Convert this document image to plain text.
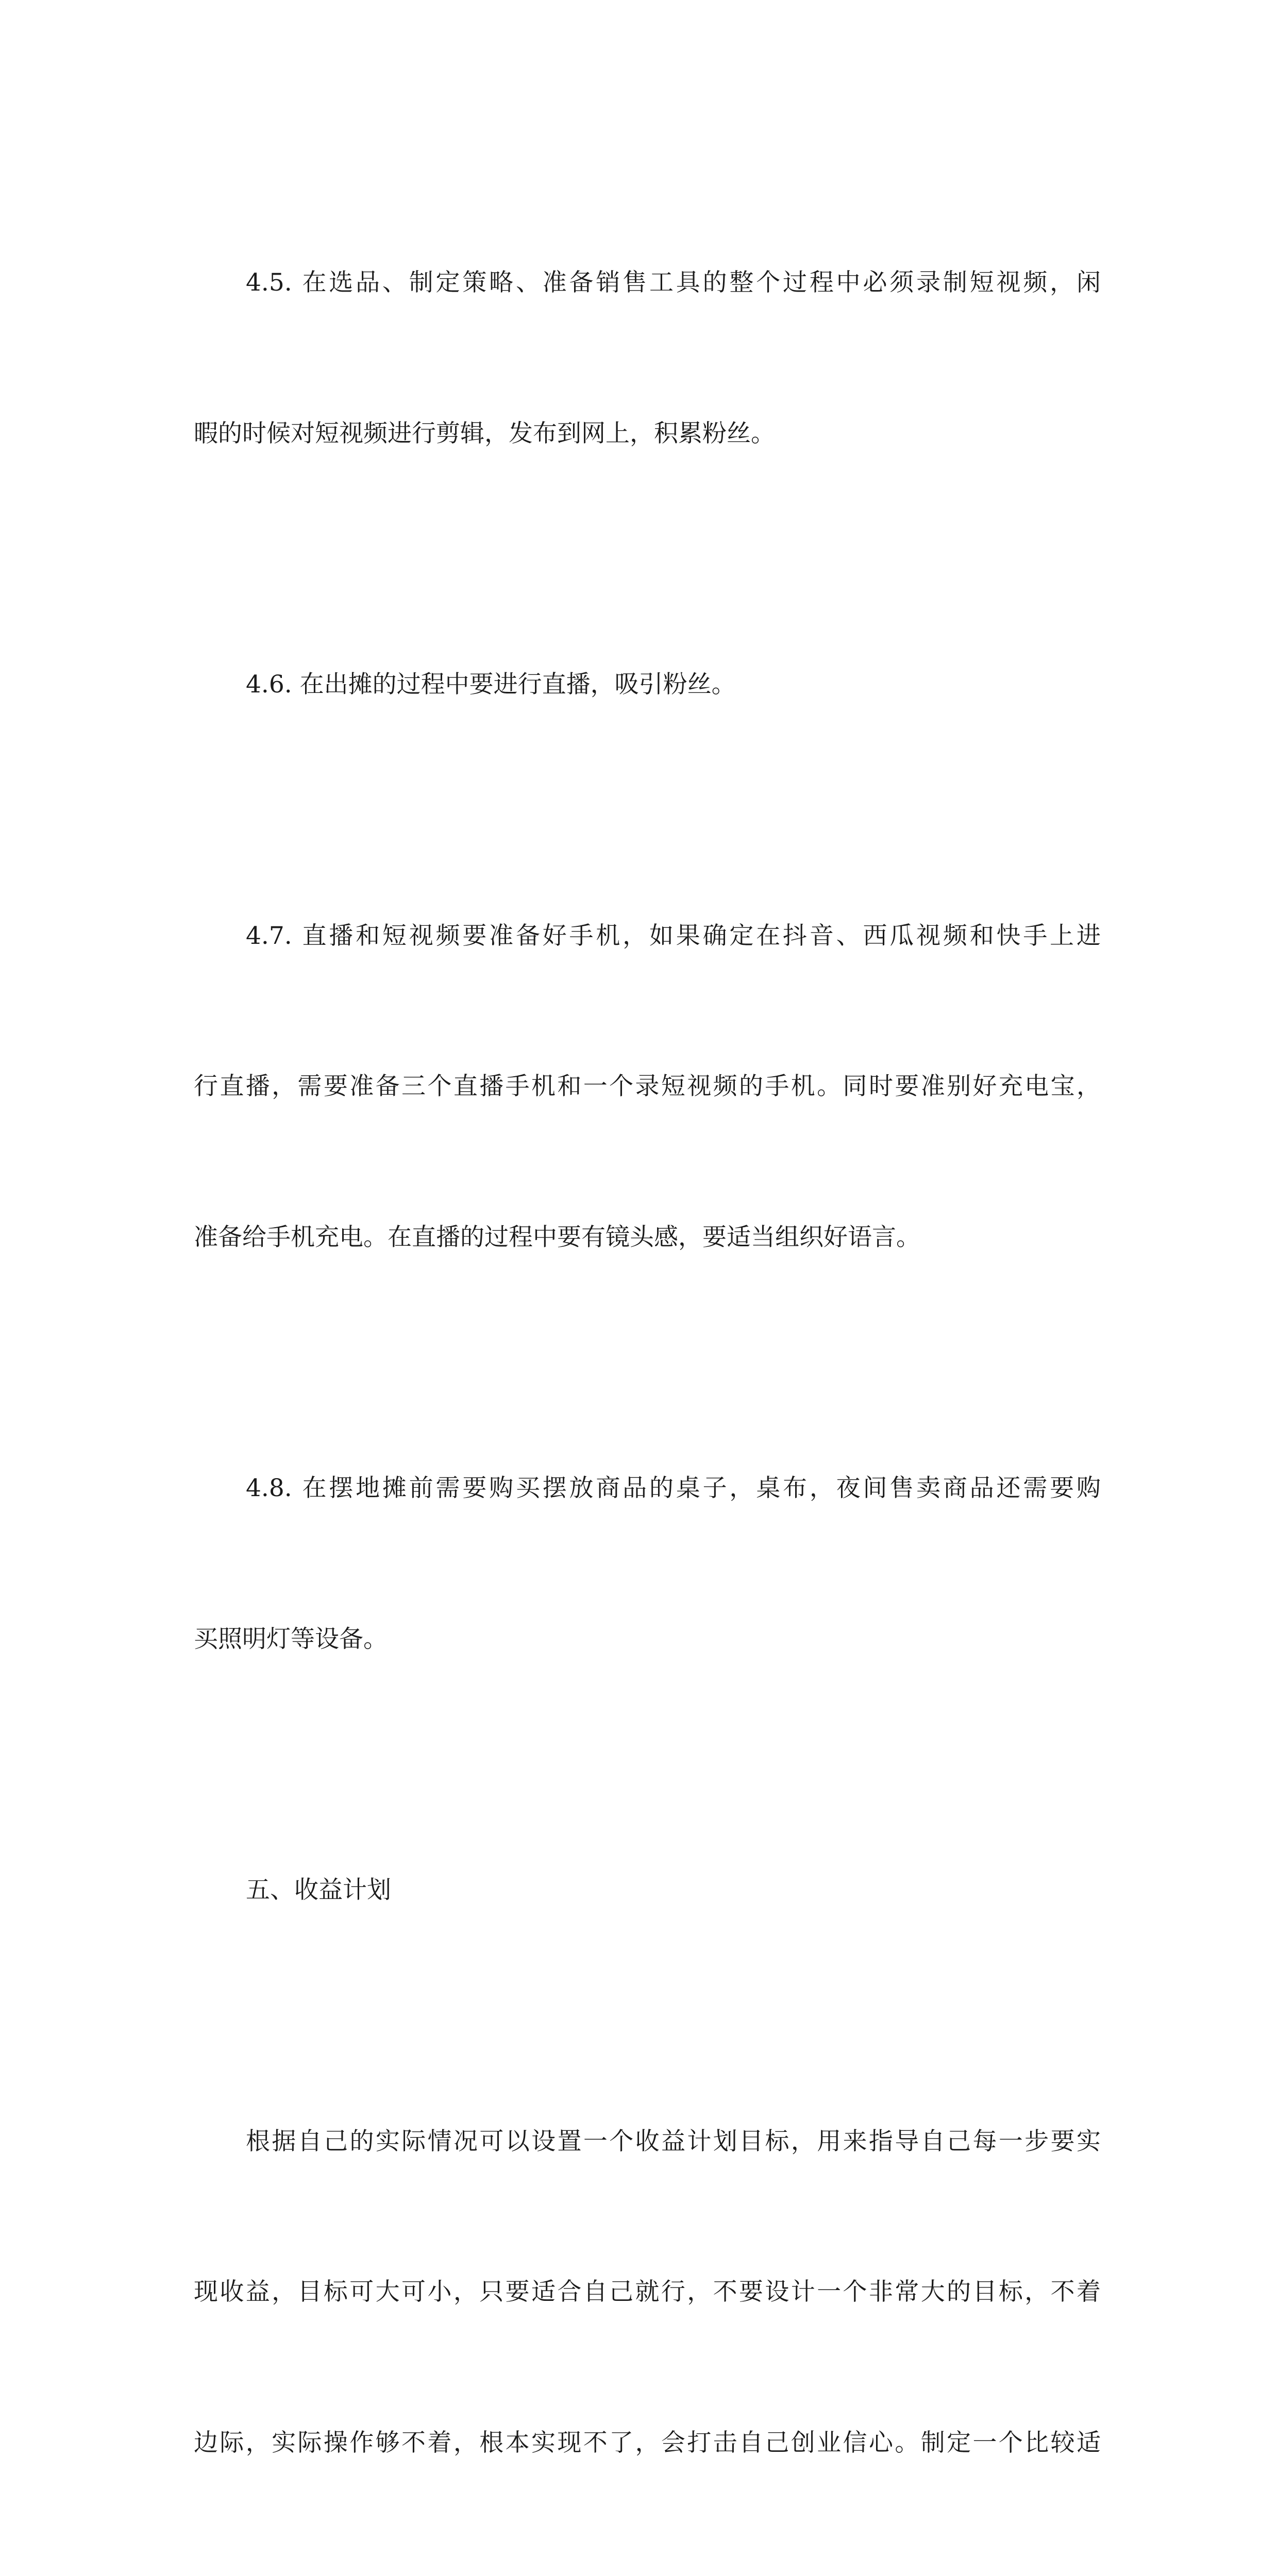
4.5. 在选品、制定策略、准备销售工具的整个过程中必须录制短视频，闲

暇的时候对短视频进行剪辑，发布到网上，积累粉丝。

4.6. 在出摊的过程中要进行直播，吸引粉丝。

4.7. 直播和短视频要准备好手机，如果确定在抖音、西瓜视频和快手上进

行直播，需要准备三个直播手机和一个录短视频的手机。同时要准别好充电宝，

准备给手机充电。在直播的过程中要有镜头感，要适当组织好语言。

4.8. 在摆地摊前需要购买摆放商品的桌子，桌布，夜间售卖商品还需要购

买照明灯等设备。

五、收益计划

根据自己的实际情况可以设置一个收益计划目标，用来指导自己每一步要实

现收益，目标可大可小，只要适合自己就行，不要设计一个非常大的目标，不着

边际，实际操作够不着，根本实现不了，会打击自己创业信心。制定一个比较适
